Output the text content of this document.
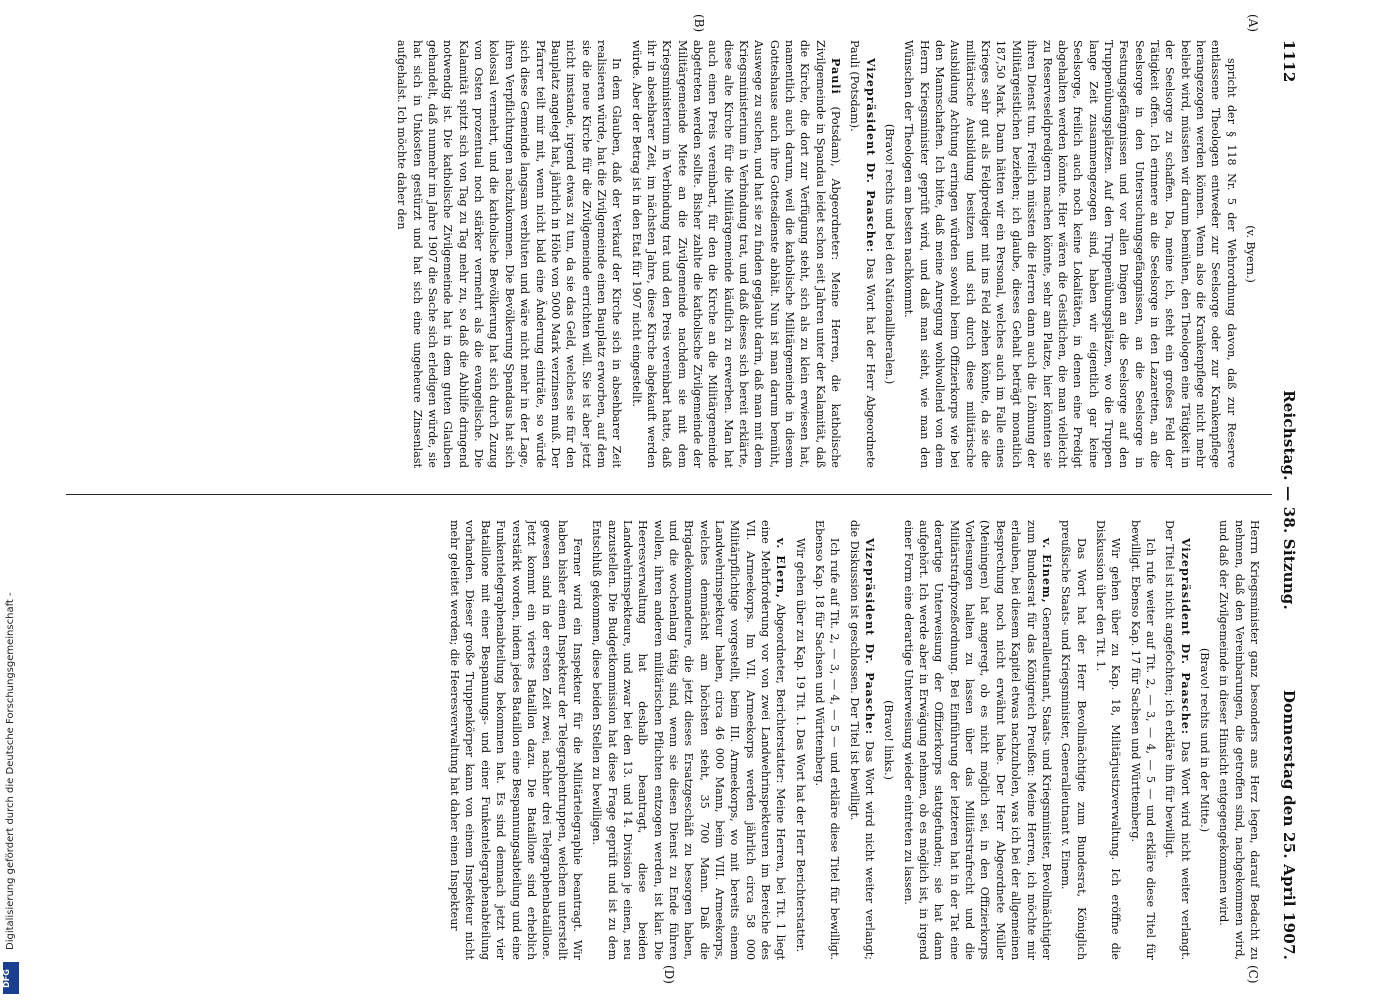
1112
Reichstag. — 38. Sitzung.
Donnerstag den 25. April 1907.
(A)
(B)
(C)
(D)

(v. Byern.)

spricht der § 118 Nr. 5 der Wehrordnung davon, daß zur Reserve entlassene Theologen entweder zur Seelsorge oder zur Krankenpflege herangezogen werden können. Wenn also die Krankenpflege nicht mehr beliebt wird, müssten wir darum bemühen, den Theologen eine Tätigkeit in der Seelsorge zu schaffen. Da, meine ich, steht ein großes Feld der Tätigkeit offen. Ich erinnere an die Seelsorge in den Lazaretten, an die Seelsorge in den Untersuchungsgefängnissen, an die Seelsorge in Festungsgefängnissen und vor allen Dingen an die Seelsorge auf den Truppenübungsplätzen. Auf den Truppenübungsplätzen, wo die Truppen lange Zeit zusammengezogen sind, haben wir eigentlich gar keine Seelsorge, freilich auch noch keine Lokalitäten, in denen eine Predigt abgehalten werden könnte. Hier wären die Geistlichen, die man vielleicht zu Reserveseldpredigern machen könnte, sehr am Platze, hier könnten sie ihren Dienst tun. Freilich müssten die Herren dann auch die Löhnung der Militärgeistlichen beziehen; ich glaube, dieses Gehalt beträgt monatlich 187,50 Mark. Dann hätten wir ein Personal, welches auch im Falle eines Krieges sehr gut als Feldprediger mit ins Feld ziehen könnte, da sie die militärische Ausbildung besitzen und sich durch diese militärische Ausbildung Achtung erringen würden sowohl beim Offizierkorps wie bei den Mannschaften. Ich bitte, daß meine Anregung wohlwollend von dem Herrn Kriegsminister geprüft wird, und daß man sieht, wie man den Wünschen der Theologen am besten nachkommt.

(Bravo! rechts und bei den Nationalliberalen.)

Vizepräsident Dr. Paasche: Das Wort hat der Herr Abgeordnete Pauli (Potsdam).

Pauli (Potsdam), Abgeordneter: Meine Herren, die katholische Zivilgemeinde in Spandau leidet schon seit Jahren unter der Kalamität, daß die Kirche, die dort zur Verfügung steht, sich als zu klein erwiesen hat, namentlich auch darum, weil die katholische Militärgemeinde in diesem Gotteshause auch ihre Gottesdienste abhält. Nun ist man darum bemüht, Auswege zu suchen, und hat sie zu finden geglaubt darin, daß man mit dem Kriegsministerium in Verbindung trat, und daß dieses sich bereit erklärte, diese alte Kirche für die Militärgemeinde käuflich zu erwerben. Man hat auch einen Preis vereinbart, für den die Kirche an die Militärgemeinde abgetreten werden sollte. Bisher zahlte die katholische Zivilgemeinde der Militärgemeinde Miete an die Zivilgemeinde nachdem sie mit dem Kriegsministerium in Verbindung trat und den Preis vereinbart hatte, daß ihr in absehbarer Zeit, im nächsten Jahre, diese Kirche abgekauft werden würde. Aber der Betrag ist in den Etat für 1907 nicht eingestellt.

In dem Glauben, daß der Verkauf der Kirche sich in absehbarer Zeit realisieren würde, hat die Zivilgemeinde einen Bauplatz erworben, auf dem sie die neue Kirche für die Zivilgemeinde errichten will. Sie ist aber jetzt nicht imstande, irgend etwas zu tun, da sie das Geld, welches sie für den Bauplatz angelegt hat, jährlich in Höhe von 5000 Mark verzinsen muß. Der Pfarrer teilt mir mit, wenn nicht bald eine Änderung einträte, so würde sich diese Gemeinde langsam verbluten und wäre nicht mehr in der Lage, ihren Verpflichtungen nachzukommen. Die Bevölkerung Spandaus hat sich kolossal vermehrt, und die katholische Bevölkerung hat sich durch Zuzug von Osten prozentual noch stärker vermehrt als die evangelische. Die Kalamität spitzt sich von Tag zu Tag mehr zu, so daß die Abhilfe dringend notwendig ist. Die katholische Zivilgemeinde hat in dem guten Glauben gehandelt, daß nunmehr im Jahre 1907 die Sache sich erledigen würde, sie hat sich in Unkosten gestürzt und hat sich eine ungeheure Zinsenlast aufgehalst. Ich möchte daher den

Herrn Kriegsminister ganz besonders ans Herz legen, darauf Bedacht zu nehmen, daß den Vereinbarungen, die getroffen sind, nachgekommen wird, und daß der Zivilgemeinde in dieser Hinsicht entgegengekommen wird.

(Bravo! rechts und in der Mitte.)

Vizepräsident Dr. Paasche: Das Wort wird nicht weiter verlangt. Der Titel ist nicht angefochten; ich erkläre ihn für bewilligt.

Ich rufe weiter auf Tit. 2, — 3, — 4, — 5 — und erkläre diese Titel für bewilligt. Ebenso Kap. 17 für Sachsen und Württemberg.

Wir gehen über zu Kap. 18, Militärjustizverwaltung. Ich eröffne die Diskussion über den Tit. 1.

Das Wort hat der Herr Bevollmächtigte zum Bundesrat, Königlich preußische Staats- und Kriegsminister, Generalleutnant v. Einem.

v. Einem, Generalleutnant, Staats- und Kriegsminister, Bevollmächtigter zum Bundesrat für das Königreich Preußen: Meine Herren, ich möchte mir erlauben, bei diesem Kapitel etwas nachzuholen, was ich bei der allgemeinen Besprechung noch nicht erwähnt habe. Der Herr Abgeordnete Müller (Meiningen) hat angeregt, ob es nicht möglich sei, in den Offizierkorps Vorlesungen halten zu lassen über das Militärstrafrecht und die Militärstrafprozeßordnung. Bei Einführung der letzteren hat in der Tat eine derartige Unterweisung der Offizierkorps stattgefunden; sie hat dann aufgehört. Ich werde aber in Erwägung nehmen, ob es möglich ist, in irgend einer Form eine derartige Unterweisung wieder eintreten zu lassen.

(Bravo! links.)

Vizepräsident Dr. Paasche: Das Wort wird nicht weiter verlangt; die Diskussion ist geschlossen. Der Titel ist bewilligt.

Ich rufe auf Tit. 2, — 3, — 4, — 5 — und erkläre diese Titel für bewilligt. Ebenso Kap. 18 für Sachsen und Württemberg.

Wir gehen über zu Kap. 19 Tit. 1. Das Wort hat der Herr Berichterstatter.

v. Elern, Abgeordneter, Berichterstatter: Meine Herren, bei Tit. 1 liegt eine Mehrforderung vor von zwei Landwehrinspekteuren im Bereiche des VII. Armeekorps. Im VII. Armeekorps werden jährlich circa 58 000 Militärpflichtige vorgestellt, beim III. Armeekorps, wo mit bereits einem Landwehrinspekteur haben, circa 46 000 Mann, beim VIII. Armeekorps, welches demnächst am höchsten steht, 35 700 Mann. Daß die Brigadekommandeure, die jetzt dieses Ersatzgeschäft zu besorgen haben, und die wochenlang tätig sind, wenn sie diesen Dienst zu Ende führen wollen, ihren anderen militärischen Pflichten entzogen werden, ist klar. Die Heeresverwaltung hat deshalb beantragt, diese beiden Landwehrinspekteure, und zwar bei den 13. und 14. Division je einen, neu anzustellen. Die Budgetkommission hat diese Frage geprüft und ist zu dem Entschluß gekommen, diese beiden Stellen zu bewilligen.

Ferner wird ein Inspekteur für die Militärtelegraphie beantragt. Wir haben bisher einen Inspekteur der Telegraphentruppen, welchem unterstellt gewesen sind in der ersten Zeit zwei, nachher drei Telegraphenbataillone. Jetzt kommt ein viertes Bataillon dazu. Die Bataillone sind erheblich verstärkt worden, indem jedes Bataillon eine Bespannungsabteilung und eine Funkentelegraphenabteilung bekommen hat. Es sind demnach jetzt vier Bataillone mit einer Bespannungs- und einer Funkentelegraphenabteilung vorhanden. Dieser große Truppenkörper kann von einem Inspekteur nicht mehr geleitet werden; die Heeresverwaltung hat daher einen Inspekteur

Digitalisierung gefördert durch die Deutsche Forschungsgemeinschaft -
DFG
